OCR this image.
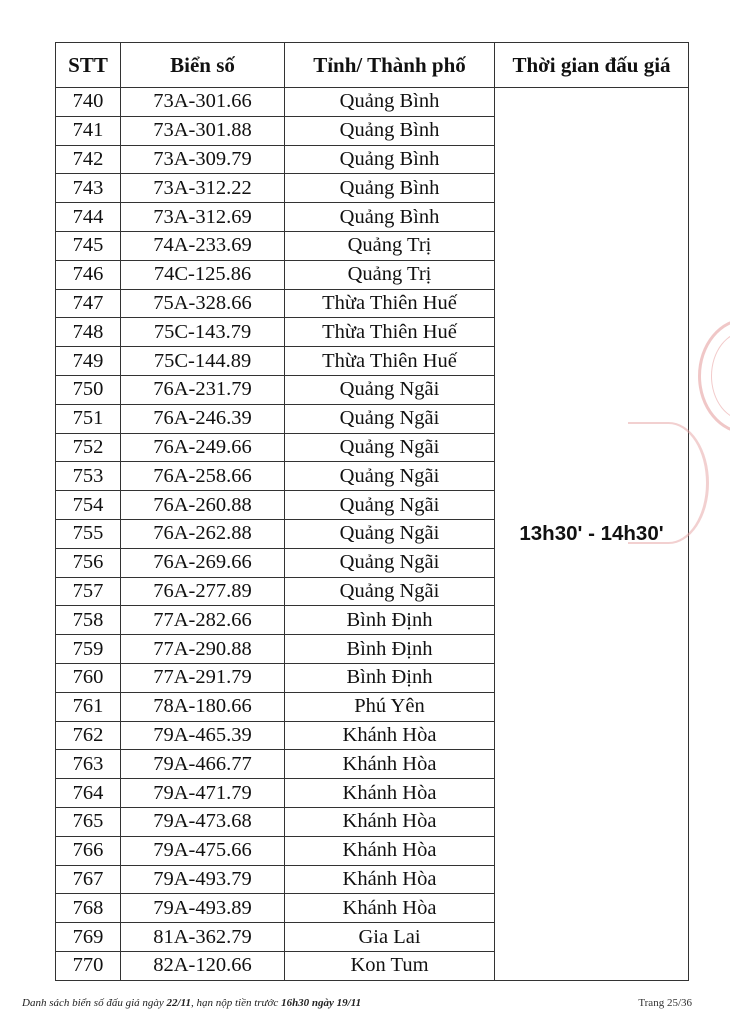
STT	Biển số	Tỉnh/ Thành phố	Thời gian đấu giá
740	73A-301.66	Quảng Bình	13h30' - 14h30'
741	73A-301.88	Quảng Bình	
742	73A-309.79	Quảng Bình	
743	73A-312.22	Quảng Bình	
744	73A-312.69	Quảng Bình	
745	74A-233.69	Quảng Trị	
746	74C-125.86	Quảng Trị	
747	75A-328.66	Thừa Thiên Huế	
748	75C-143.79	Thừa Thiên Huế	
749	75C-144.89	Thừa Thiên Huế	
750	76A-231.79	Quảng Ngãi	
751	76A-246.39	Quảng Ngãi	
752	76A-249.66	Quảng Ngãi	
753	76A-258.66	Quảng Ngãi	
754	76A-260.88	Quảng Ngãi	
755	76A-262.88	Quảng Ngãi	
756	76A-269.66	Quảng Ngãi	
757	76A-277.89	Quảng Ngãi	
758	77A-282.66	Bình Định	
759	77A-290.88	Bình Định	
760	77A-291.79	Bình Định	
761	78A-180.66	Phú Yên	
762	79A-465.39	Khánh Hòa	
763	79A-466.77	Khánh Hòa	
764	79A-471.79	Khánh Hòa	
765	79A-473.68	Khánh Hòa	
766	79A-475.66	Khánh Hòa	
767	79A-493.79	Khánh Hòa	
768	79A-493.89	Khánh Hòa	
769	81A-362.79	Gia Lai	
770	82A-120.66	Kon Tum	
Danh sách biển số đấu giá ngày 22/11, hạn nộp tiền trước 16h30 ngày 19/11	Trang 25/36
